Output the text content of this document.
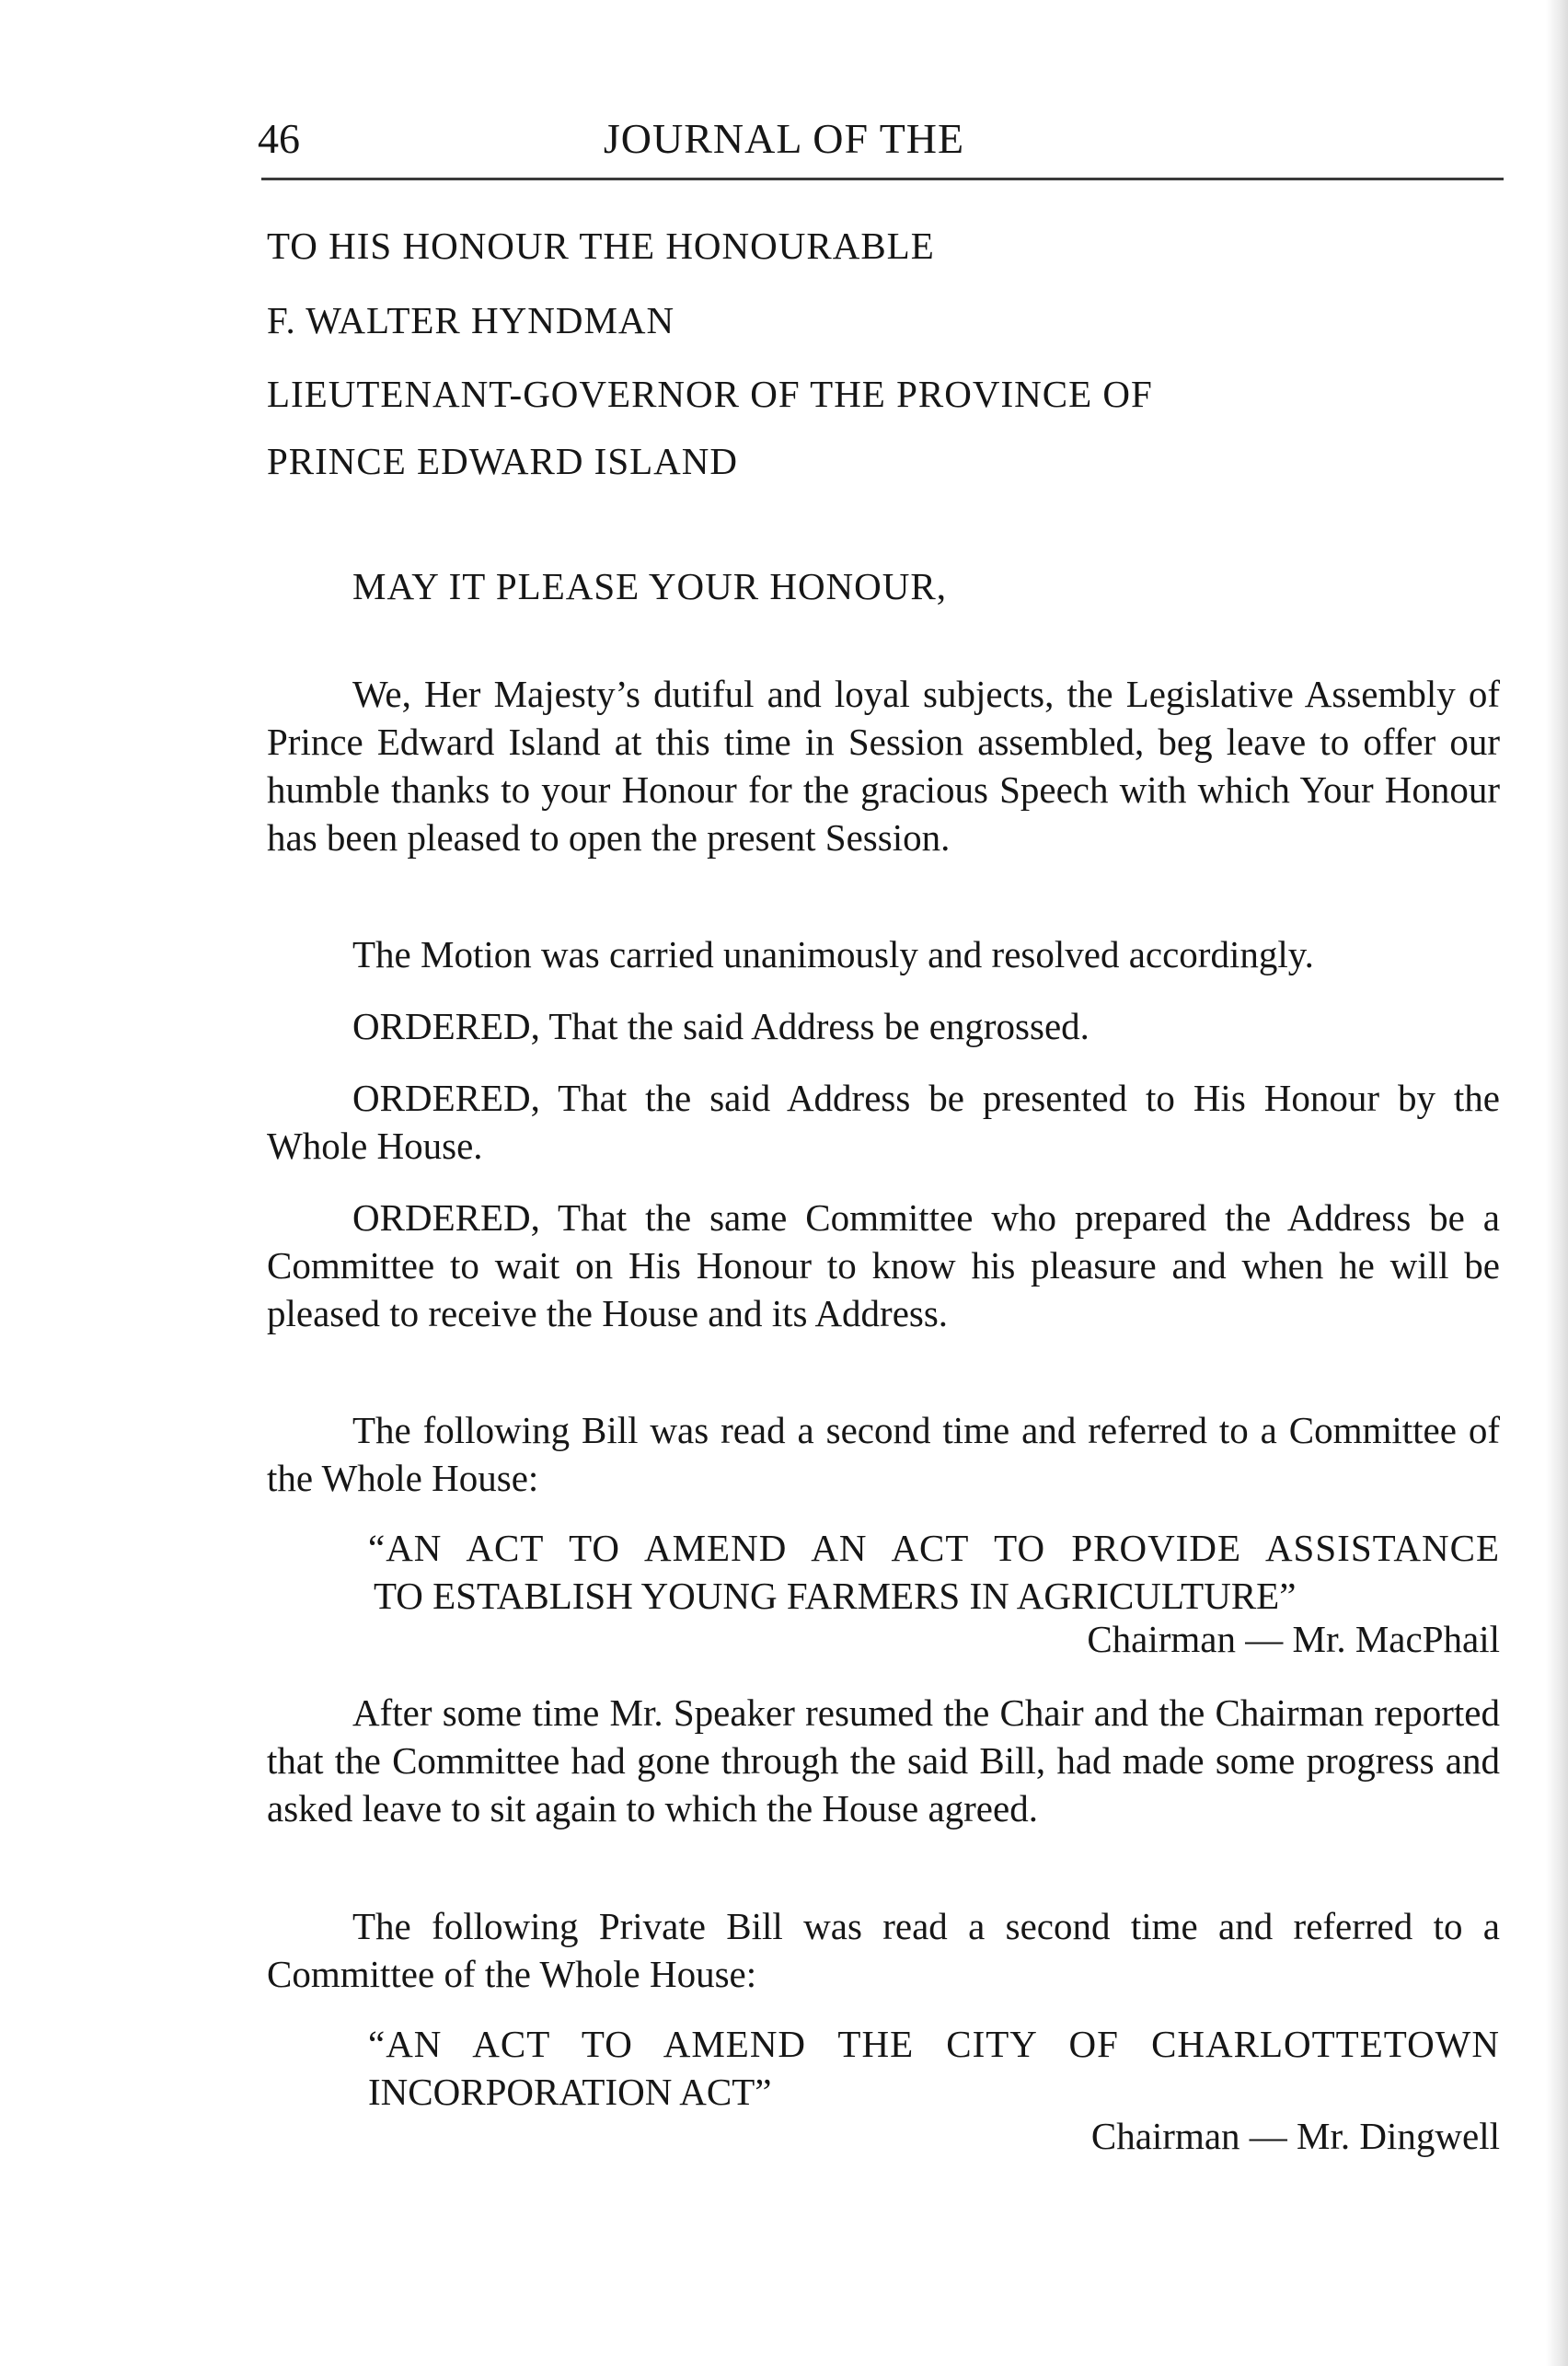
46	JOURNAL OF THE
TO HIS HONOUR THE HONOURABLE
F. WALTER HYNDMAN
LIEUTENANT-GOVERNOR OF THE PROVINCE OF
PRINCE EDWARD ISLAND
MAY IT PLEASE YOUR HONOUR,

We, Her Majesty’s dutiful and loyal subjects, the Legislative Assembly of Prince Edward Island at this time in Session assembled, beg leave to offer our humble thanks to your Honour for the gracious Speech with which Your Honour has been pleased to open the present Session.

The Motion was carried unanimously and resolved accordingly.

ORDERED, That the said Address be engrossed.

ORDERED, That the said Address be presented to His Honour by the Whole House.

ORDERED, That the same Committee who prepared the Address be a Committee to wait on His Honour to know his pleasure and when he will be pleased to receive the House and its Address.

The following Bill was read a second time and referred to a Committee of the Whole House:

“AN ACT TO AMEND AN ACT TO PROVIDE ASSISTANCE

TO ESTABLISH YOUNG FARMERS IN AGRICULTURE”

Chairman — Mr. MacPhail

After some time Mr. Speaker resumed the Chair and the Chairman reported that the Committee had gone through the said Bill, had made some progress and asked leave to sit again to which the House agreed.

The following Private Bill was read a second time and referred to a Committee of the Whole House:

“AN ACT TO AMEND THE CITY OF CHARLOTTETOWN

INCORPORATION ACT”

Chairman — Mr. Dingwell
